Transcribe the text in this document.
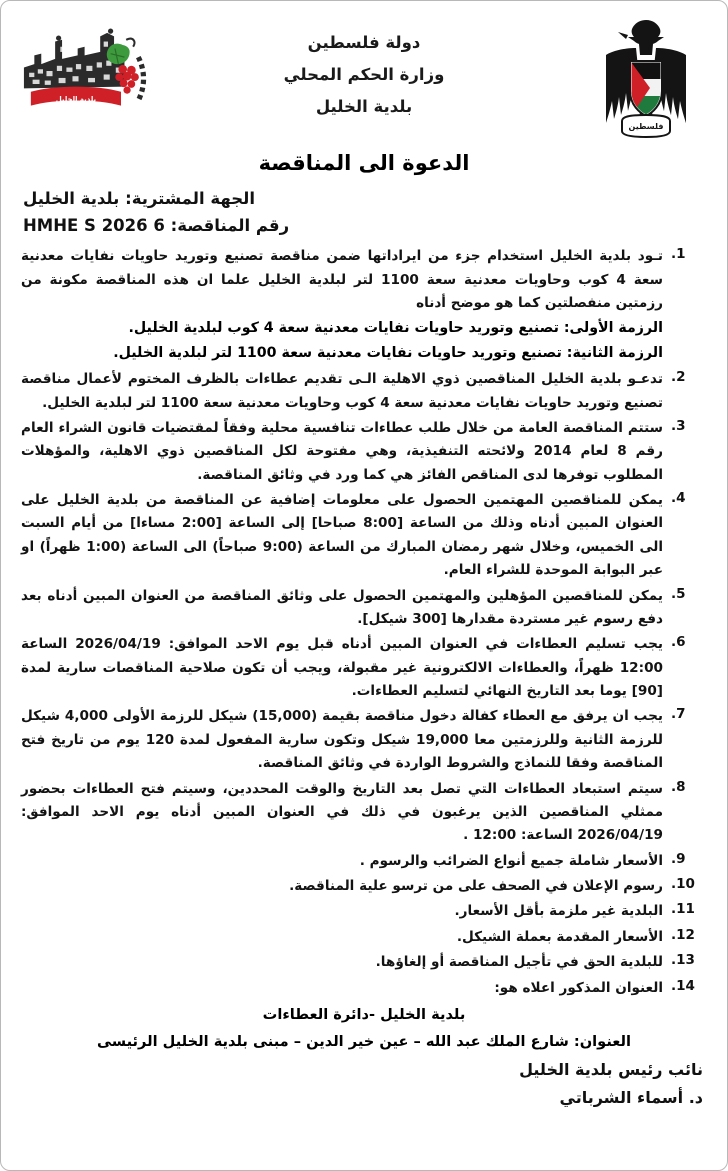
فلسطين
دولة فلسطين
وزارة الحكم المحلي
بلدية الخليل
بلدية الخليل
الدعوة الى المناقصة
الجهة المشترية: بلدية الخليل
رقم المناقصة: 6 2026 HMHE S
1.
تـود بلدية الخليل استخدام جزء من ايراداتها ضمن مناقصة تصنيع وتوريد حاويات نفايات معدنية سعة 4 كوب وحاويات معدنية سعة 1100 لتر لبلدية الخليل علما ان هذه المناقصة مكونة من رزمتين منفصلتين كما هو موضح أدناه
الرزمة الأولى: تصنيع وتوريد حاويات نفايات معدنية سعة 4 كوب لبلدية الخليل.
الرزمة الثانية: تصنيع وتوريد حاويات نفايات معدنية سعة 1100 لتر لبلدية الخليل.
2.
تدعـو بلدية الخليل المناقصين ذوي الاهلية الـى تقديم عطاءات بالظرف المختوم لأعمال مناقصة تصنيع وتوريد حاويات نفايات معدنية سعة 4 كوب وحاويات معدنية سعة 1100 لتر لبلدية الخليل.
3.
ستتم المناقصة العامة من خلال طلب عطاءات تنافسية محلية وفقاً لمقتضيات قانون الشراء العام رقم 8 لعام 2014 ولائحته التنفيذية، وهي مفتوحة لكل المناقصين ذوي الاهلية، والمؤهلات المطلوب توفرها لدى المناقص الفائز هي كما ورد في وثائق المناقصة.
4.
يمكن للمناقصين المهتمين الحصول على معلومات إضافية عن المناقصة من بلدية الخليل على العنوان المبين أدناه وذلك من الساعة [8:00 صباحا] إلى الساعة [2:00 مساءا] من أيام السبت الى الخميس، وخلال شهر رمضان المبارك من الساعة (9:00 صباحاً) الى الساعة (1:00 ظهراً) او عبر البوابة الموحدة للشراء العام.
5.
يمكن للمناقصين المؤهلين والمهتمين الحصول على وثائق المناقصة من العنوان المبين أدناه بعد دفع رسوم غير مستردة مقدارها [300 شيكل].
6.
يجب تسليم العطاءات في العنوان المبين أدناه قبل يوم الاحد الموافق: 2026/04/19 الساعة 12:00 ظهراً، والعطاءات الالكترونية غير مقبولة، ويجب أن تكون صلاحية المناقصات سارية لمدة [90] يوما بعد التاريخ النهائي لتسليم العطاءات.
7.
يجب ان يرفق مع العطاء كفالة دخول مناقصة بقيمة (15,000) شيكل للرزمة الأولى 4,000 شيكل للرزمة الثانية وللرزمتين معا 19,000 شيكل وتكون سارية المفعول لمدة 120 يوم من تاريخ فتح المناقصة وفقا للنماذج والشروط الواردة في وثائق المناقصة.
8.
سيتم استبعاد العطاءات التي تصل بعد التاريخ والوقت المحددين، وسيتم فتح العطاءات بحضور ممثلي المناقصين الذين يرغبون في ذلك في العنوان المبين أدناه يوم الاحد الموافق: 2026/04/19 الساعة: 12:00 .
9.
الأسعار شاملة جميع أنواع الضرائب والرسوم .
10.
رسوم الإعلان في الصحف على من ترسو علية المناقصة.
11.
البلدية غير ملزمة بأقل الأسعار.
12.
الأسعار المقدمة بعملة الشيكل.
13.
للبلدية الحق في تأجيل المناقصة أو إلغاؤها.
14.
العنوان المذكور اعلاه هو:
بلدية الخليل -دائرة العطاءات
العنوان: شارع الملك عبد الله – عين خير الدين – مبنى بلدية الخليل الرئيسى
نائب رئيس بلدية الخليل
د. أسماء الشرباتي
